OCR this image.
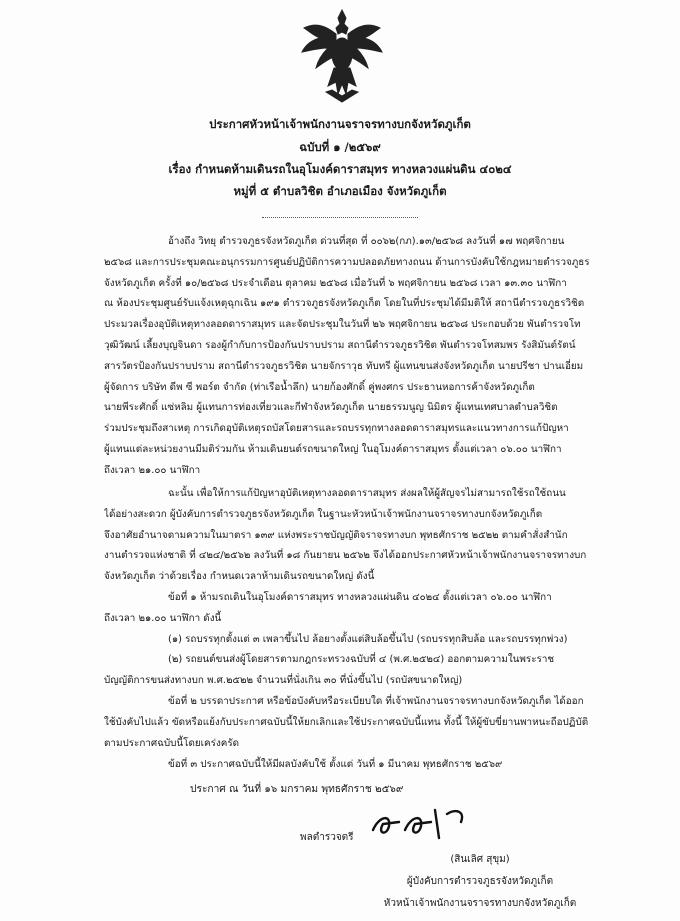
ประกาศหัวหน้าเจ้าพนักงานจราจรทางบกจังหวัดภูเก็ต
ฉบับที่ ๑ /๒๕๖๙
เรื่อง กำหนดห้ามเดินรถในอุโมงค์ดาราสมุทร ทางหลวงแผ่นดิน ๔๐๒๔
หมู่ที่ ๕ ตำบลวิชิต อำเภอเมือง จังหวัดภูเก็ต
อ้างถึง วิทยุ ตำรวจภูธรจังหวัดภูเก็ต ด่วนที่สุด ที่ ๐๐๖๒(กภ).๑๓/๒๕๖๘ ลงวันที่ ๑๗ พฤศจิกายน
๒๕๖๘ และการประชุมคณะอนุกรรมการศูนย์ปฏิบัติการความปลอดภัยทางถนน ด้านการบังคับใช้กฎหมายตำรวจภูธร
จังหวัดภูเก็ต ครั้งที่ ๑๐/๒๕๖๘ ประจำเดือน ตุลาคม ๒๕๖๘ เมื่อวันที่ ๖ พฤศจิกายน ๒๕๖๘ เวลา ๑๓.๓๐ นาฬิกา
ณ ห้องประชุมศูนย์รับแจ้งเหตุฉุกเฉิน ๑๙๑ ตำรวจภูธรจังหวัดภูเก็ต โดยในที่ประชุมได้มีมติให้ สถานีตำรวจภูธรวิชิต
ประมวลเรื่องอุบัติเหตุทางลอดดาราสมุทร และจัดประชุมในวันที่ ๒๖ พฤศจิกายน ๒๕๖๘ ประกอบด้วย พันตำรวจโท
วุฒิวัฒน์ เลี้ยงบุญจินดา รองผู้กำกับการป้องกันปราบปราม สถานีตำรวจภูธรวิชิต พันตำรวจโทสมพร รังสิมันต์รัตน์
สารวัตรป้องกันปราบปราม สถานีตำรวจภูธรวิชิต นายจักราวุธ ทับทรี ผู้แทนขนส่งจังหวัดภูเก็ต นายปรีชา ปานเอี่ยม
ผู้จัดการ บริษัท ดีพ ซี พอร์ต จำกัด (ท่าเรือน้ำลึก) นายก้องศักดิ์ คู่พงศกร ประธานหอการค้าจังหวัดภูเก็ต
นายพีระศักดิ์ แซ่หลิม ผู้แทนการท่องเที่ยวและกีฬาจังหวัดภูเก็ต นายธรรมนูญ นิมิตร ผู้แทนเทศบาลตำบลวิชิต
ร่วมประชุมถึงสาเหตุ การเกิดอุบัติเหตุรถบัสโดยสารและรถบรรทุกทางลอดดาราสมุทรและแนวทางการแก้ปัญหา
ผู้แทนแต่ละหน่วยงานมีมติร่วมกัน ห้ามเดินยนต์รถขนาดใหญ่ ในอุโมงค์ดาราสมุทร ตั้งแต่เวลา ๐๖.๐๐ นาฬิกา
ถึงเวลา ๒๑.๐๐ นาฬิกา
ฉะนั้น เพื่อให้การแก้ปัญหาอุบัติเหตุทางลอดดาราสมุทร ส่งผลให้ผู้สัญจรไม่สามารถใช้รถใช้ถนน
ได้อย่างสะดวก ผู้บังคับการตำรวจภูธรจังหวัดภูเก็ต ในฐานะหัวหน้าเจ้าพนักงานจราจรทางบกจังหวัดภูเก็ต
จึงอาศัยอำนาจตามความในมาตรา ๑๓๙ แห่งพระราชบัญญัติจราจรทางบก พุทธศักราช ๒๕๒๒ ตามคำสั่งสำนัก
งานตำรวจแห่งชาติ ที่ ๔๒๔/๒๕๖๒ ลงวันที่ ๑๘ กันยายน ๒๕๖๒ จึงได้ออกประกาศหัวหน้าเจ้าพนักงานจราจรทางบก
จังหวัดภูเก็ต ว่าด้วยเรื่อง กำหนดเวลาห้ามเดินรถขนาดใหญ่ ดังนี้
ข้อที่ ๑ ห้ามรถเดินในอุโมงค์ดาราสมุทร ทางหลวงแผ่นดิน ๔๐๒๔ ตั้งแต่เวลา ๐๖.๐๐ นาฬิกา
ถึงเวลา ๒๑.๐๐ นาฬิกา ดังนี้
(๑) รถบรรทุกตั้งแต่ ๓ เพลาขึ้นไป ล้อยางตั้งแต่สิบล้อขึ้นไป (รถบรรทุกสิบล้อ และรถบรรทุกพ่วง)
(๒) รถยนต์ขนส่งผู้โดยสารตามกฎกระทรวงฉบับที่ ๔ (พ.ศ.๒๕๒๔) ออกตามความในพระราช
บัญญัติการขนส่งทางบก พ.ศ.๒๕๒๒ จำนวนที่นั่งเกิน ๓๐ ที่นั่งขึ้นไป (รถบัสขนาดใหญ่)
ข้อที่ ๒ บรรดาประกาศ หรือข้อบังคับหรือระเบียบใด ที่เจ้าพนักงานจราจรทางบกจังหวัดภูเก็ต ได้ออก
ใช้บังคับไปแล้ว ขัดหรือแย้งกับประกาศฉบับนี้ให้ยกเลิกและใช้ประกาศฉบับนี้แทน ทั้งนี้ ให้ผู้ขับขี่ยานพาหนะถือปฏิบัติ
ตามประกาศฉบับนี้โดยเคร่งครัด
ข้อที่ ๓ ประกาศฉบับนี้ให้มีผลบังคับใช้ ตั้งแต่ วันที่ ๑ มีนาคม พุทธศักราช ๒๕๖๙
ประกาศ ณ วันที่ ๑๖ มกราคม พุทธศักราช ๒๕๖๙
พลตำรวจตรี
(สินเลิศ สุขุม)
ผู้บังคับการตำรวจภูธรจังหวัดภูเก็ต
หัวหน้าเจ้าพนักงานจราจรทางบกจังหวัดภูเก็ต
